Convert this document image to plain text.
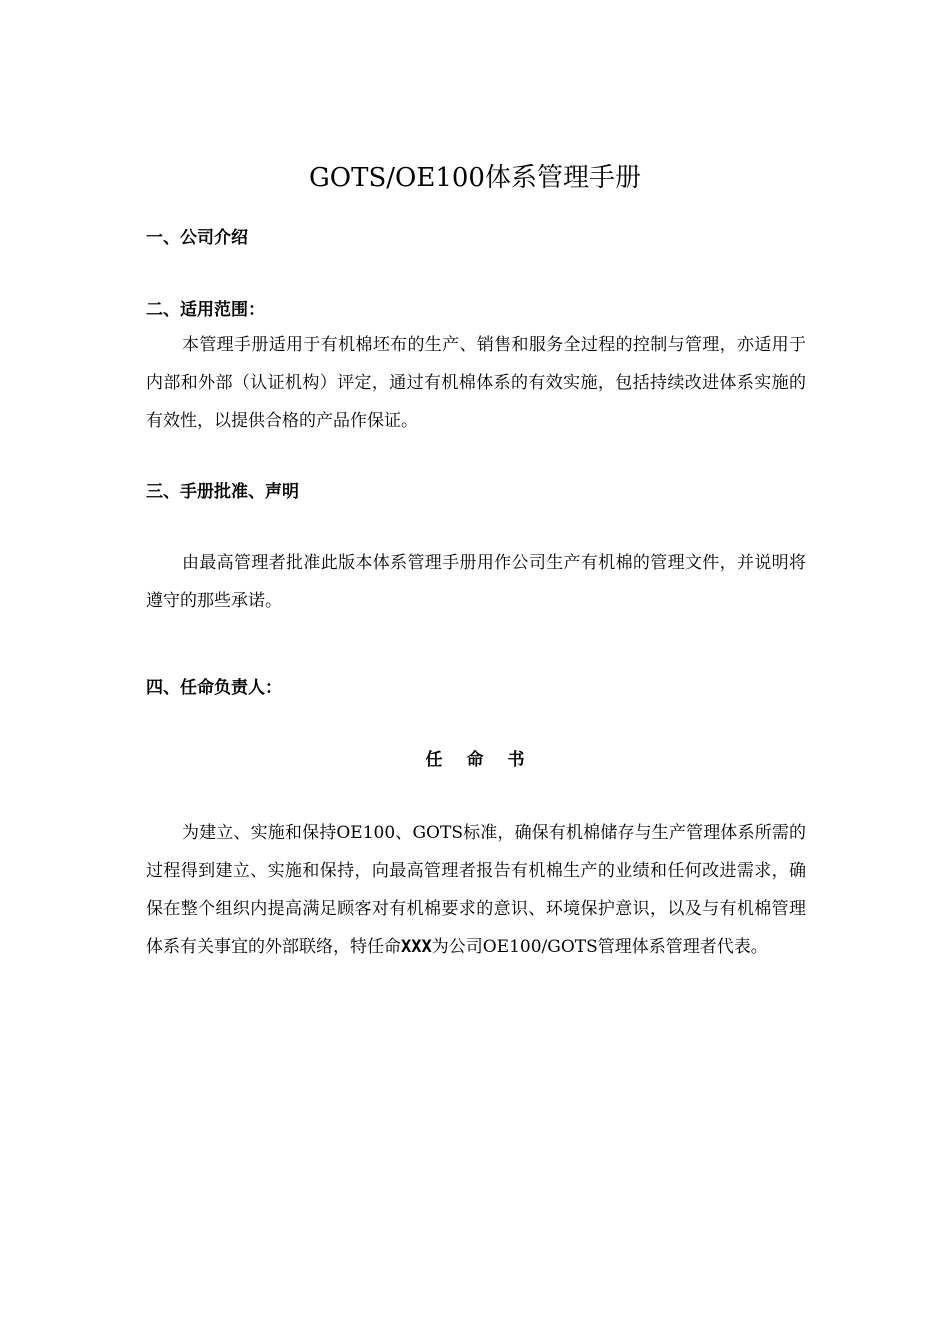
GOTS/OE100体系管理手册
一、公司介绍
二、适用范围：
本管理手册适用于有机棉坯布的生产、销售和服务全过程的控制与管理，亦适用于内部和外部（认证机构）评定，通过有机棉体系的有效实施，包括持续改进体系实施的有效性，以提供合格的产品作保证。
三、手册批准、声明
由最高管理者批准此版本体系管理手册用作公司生产有机棉的管理文件，并说明将遵守的那些承诺。
四、任命负责人：
任命书
为建立、实施和保持OE100、GOTS标准，确保有机棉储存与生产管理体系所需的过程得到建立、实施和保持，向最高管理者报告有机棉生产的业绩和任何改进需求，确保在整个组织内提高满足顾客对有机棉要求的意识、环境保护意识，以及与有机棉管理体系有关事宜的外部联络，特任命XXX为公司OE100/GOTS管理体系管理者代表。
